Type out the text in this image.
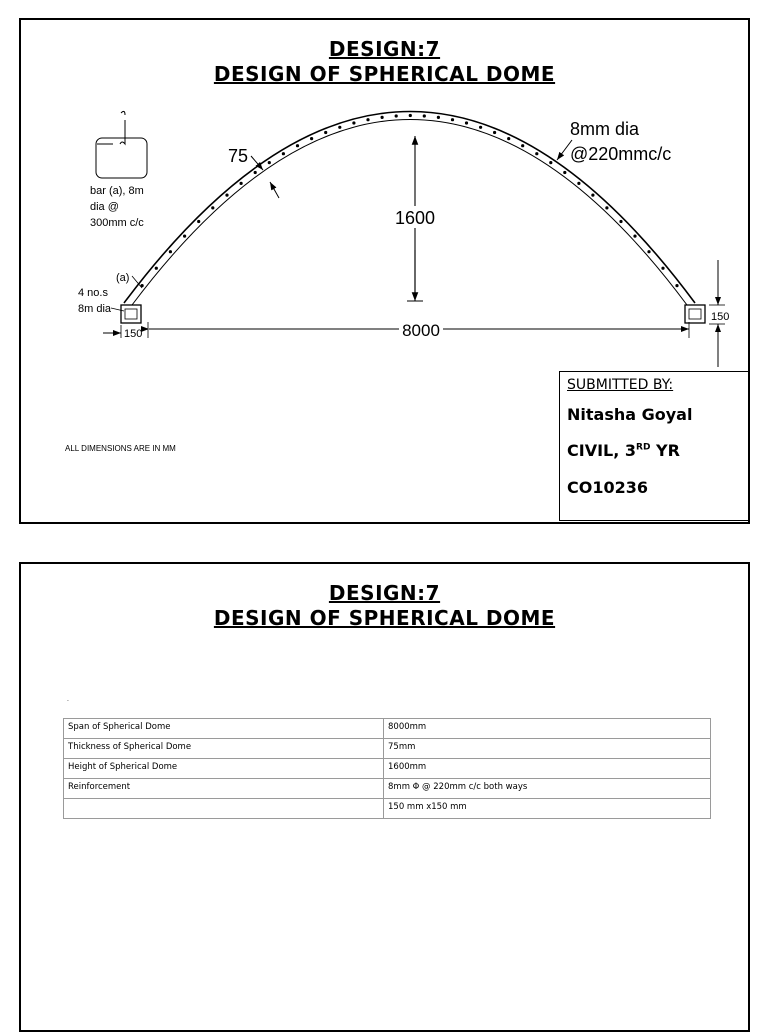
DESIGN:7
DESIGN OF SPHERICAL DOME
8000
150
150
1600
75
8mm dia
@220mmc/c
bar (a), 8m
dia @
300mm c/c
(a)
4 no.s
8m dia
ALL DIMENSIONS ARE IN MM
SUBMITTED BY:
Nitasha Goyal
CIVIL, 3RD YR
CO10236
DESIGN:7
DESIGN OF SPHERICAL DOME
.
Span of Spherical Dome	8000mm
Thickness of Spherical Dome	75mm
Height of Spherical Dome	1600mm
Reinforcement	8mm Φ @ 220mm c/c both ways
	150 mm x150 mm
